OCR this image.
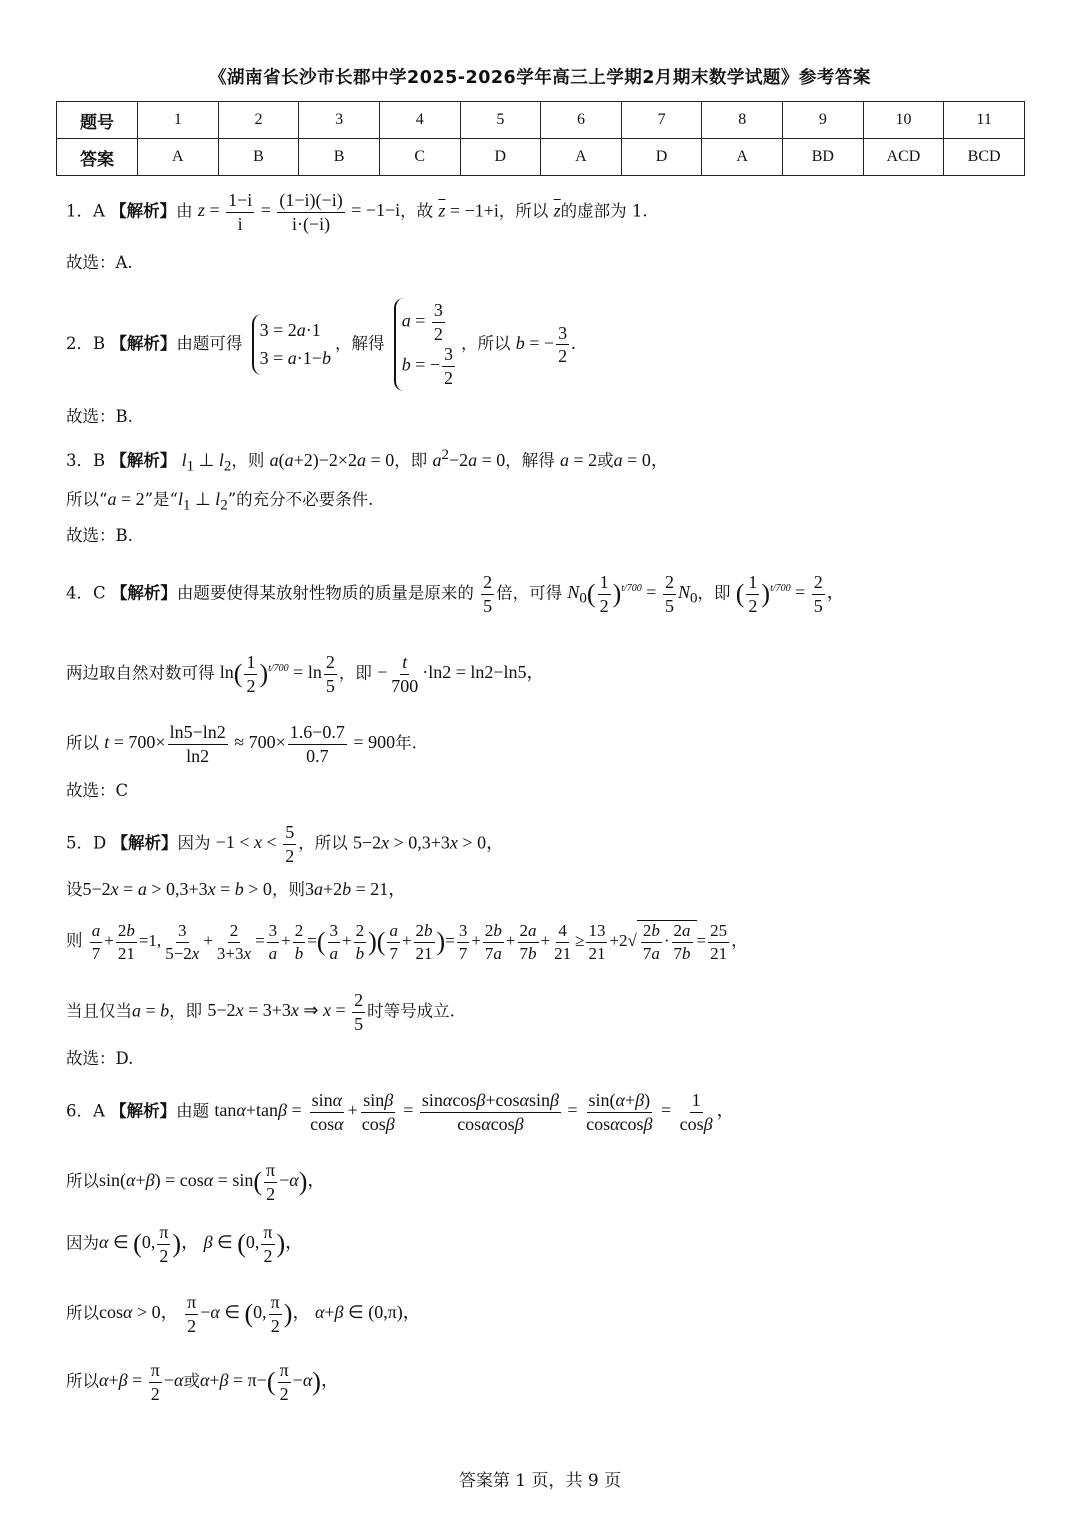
《湖南省长沙市长郡中学2025-2026学年高三上学期2月期末数学试题》参考答案
题号	1	2	3	4	5	6	7	8	9	10	11
答案	A	B	B	C	D	A	D	A	BD	ACD	BCD
1．A 【解析】由 $z = \frac{1-i}{i} = \frac{(1-i)(-i)}{i\cdot(-i)} = -1-i$，故 $\overline{z} = -1+i$，所以 $\overline{z}$的虚部为 1.
故选：A.
2．B 【解析】由题可得
3 = 2a·1
3 = a·1−b
，解得
$a = \frac{3}{2}$
b = − $\frac{3}{2}$
，所以 b = − $\frac{3}{2}$ .
故选：B.
3．B 【解析】 $l_1$ ⊥ $l_2$，则 a(a+2)−2×2a = 0，即 $a^2-2a = 0$，解得 a = 2或a = 0，
所以“a = 2”是“$l_1$ ⊥ $l_2$”的充分不必要条件.
故选：B.
4．C 【解析】由题要使得某放射性物质的质量是原来的 $\frac{2}{5}$ 倍，可得 $N_0( \frac{1}{2} )^{t/700} = \frac{2}{5} N_0$，即 ( $\frac{1}{2} )^{t/700} = \frac{2}{5}$ ，
两边取自然对数可得 $\ln( \frac{1}{2} )^{t/700} = \ln \frac{2}{5}$ ，即 − $\frac{t}{700} \cdot\ln 2 = \ln 2-\ln 5$，
所以 $t = 700\times \frac{\ln 5-\ln 2}{\ln 2} \approx 700\times \frac{1.6-0.7}{0.7} = 900$年.
故选：C
5．D 【解析】因为 $-1 < x < \frac{5}{2}$ ，所以 5−2x > 0,3+3x > 0，
设5−2x = a > 0,3+3x = b > 0，则3a+2b = 21，
则 $\frac{a}{7} + \frac{2b}{21} =1$, $\frac{3}{5-2x} + \frac{2}{3+3x} = \frac{3}{a} + \frac{2}{b}$ =( $\frac{3}{a} + \frac{2}{b}$ )( $\frac{a}{7} + \frac{2b}{21}$ )= $\frac{3}{7} + \frac{2b}{7a} + \frac{2a}{7b} + \frac{4}{21} \ge \frac{13}{21} +2√ \frac{2b}{7a} \cdot \frac{2a}{7b} = \frac{25}{21}$ ，
当且仅当a = b，即 5−2x = 3+3x ⇒ $x = \frac{2}{5}$ 时等号成立.
故选：D.
6．A 【解析】由题 $\tan\alpha+\tan\beta = \frac{\sin\alpha}{\cos\alpha} + \frac{\sin\beta}{\cos\beta} = \frac{\sin\alpha\cos\beta+\cos\alpha\sin\beta}{\cos\alpha\cos\beta} = \frac{\sin(\alpha+\beta)}{\cos\alpha\cos\beta} = \frac{1}{\cos\beta}$ ，
所以$\sin(\alpha+\beta) = \cos\alpha = \sin( \frac{\pi}{2} -\alpha)$，
因为α ∈ (0, $\frac{\pi}{2}$ )， β ∈ (0, $\frac{\pi}{2}$ )，
所以cosα > 0， $\frac{\pi}{2} -\alpha$ ∈ (0, $\frac{\pi}{2}$ )， α+β ∈ (0,π)，
所以$\alpha+\beta = \frac{\pi}{2} -\alpha$或$\alpha+\beta = \pi-( \frac{\pi}{2} -\alpha)$，
答案第 1 页，共 9 页
